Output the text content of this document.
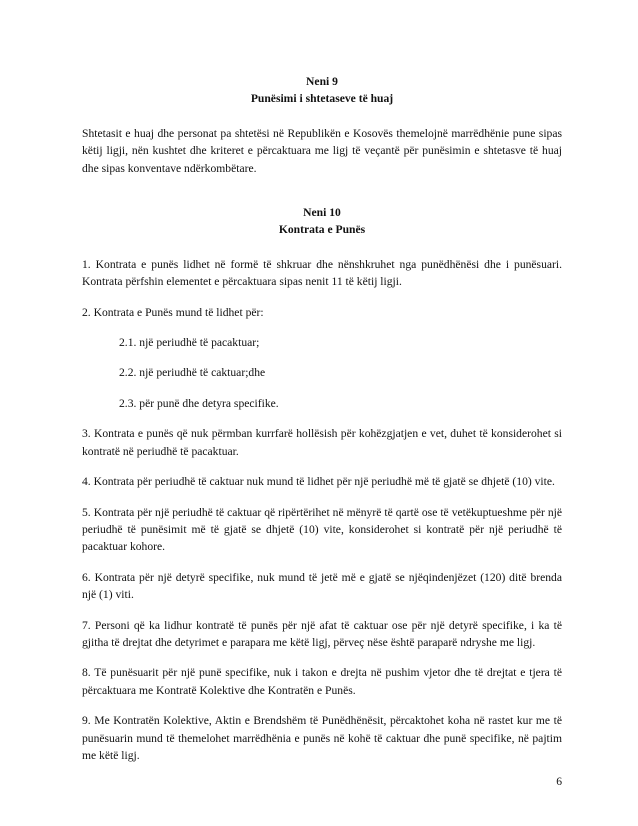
Neni 9
Punësimi i shtetaseve të huaj

Shtetasit e huaj dhe personat pa shtetësi në Republikën e Kosovës themelojnë marrëdhënie pune sipas këtij ligji, nën kushtet dhe kriteret e përcaktuara me ligj të veçantë për punësimin e shtetasve të huaj dhe sipas konventave ndërkombëtare.

Neni 10
Kontrata e Punës

1. Kontrata e punës lidhet në formë të shkruar dhe nënshkruhet nga punëdhënësi dhe i punësuari. Kontrata përfshin elementet e përcaktuara sipas nenit 11 të këtij ligji.

2. Kontrata e Punës mund të lidhet për:

2.1. një periudhë të pacaktuar;

2.2. një periudhë të caktuar;dhe

2.3. për punë dhe detyra specifike.

3. Kontrata e punës që nuk përmban kurrfarë hollësish për kohëzgjatjen e vet, duhet të konsiderohet si kontratë në periudhë të pacaktuar.

4. Kontrata për periudhë të caktuar nuk mund të lidhet për një periudhë më të gjatë se dhjetë (10) vite.

5. Kontrata për një periudhë të caktuar që ripërtërihet në mënyrë të qartë ose të vetëkuptueshme për një periudhë të punësimit më të gjatë se dhjetë (10) vite, konsiderohet si kontratë për një periudhë të pacaktuar kohore.

6. Kontrata për një detyrë specifike, nuk mund të jetë më e gjatë se njëqindenjëzet (120) ditë brenda një (1) viti.

7. Personi që ka lidhur kontratë të punës për një afat të caktuar ose për një detyrë specifike, i ka të gjitha të drejtat dhe detyrimet e parapara me këtë ligj, përveç nëse është paraparë ndryshe me ligj.

8. Të punësuarit për një punë specifike, nuk i takon e drejta në pushim vjetor dhe të drejtat e tjera të përcaktuara me Kontratë Kolektive dhe Kontratën e Punës.

9. Me Kontratën Kolektive, Aktin e Brendshëm të Punëdhënësit, përcaktohet koha në rastet kur me të punësuarin mund të themelohet marrëdhënia e punës në kohë të caktuar dhe punë specifike, në pajtim me këtë ligj.

6
